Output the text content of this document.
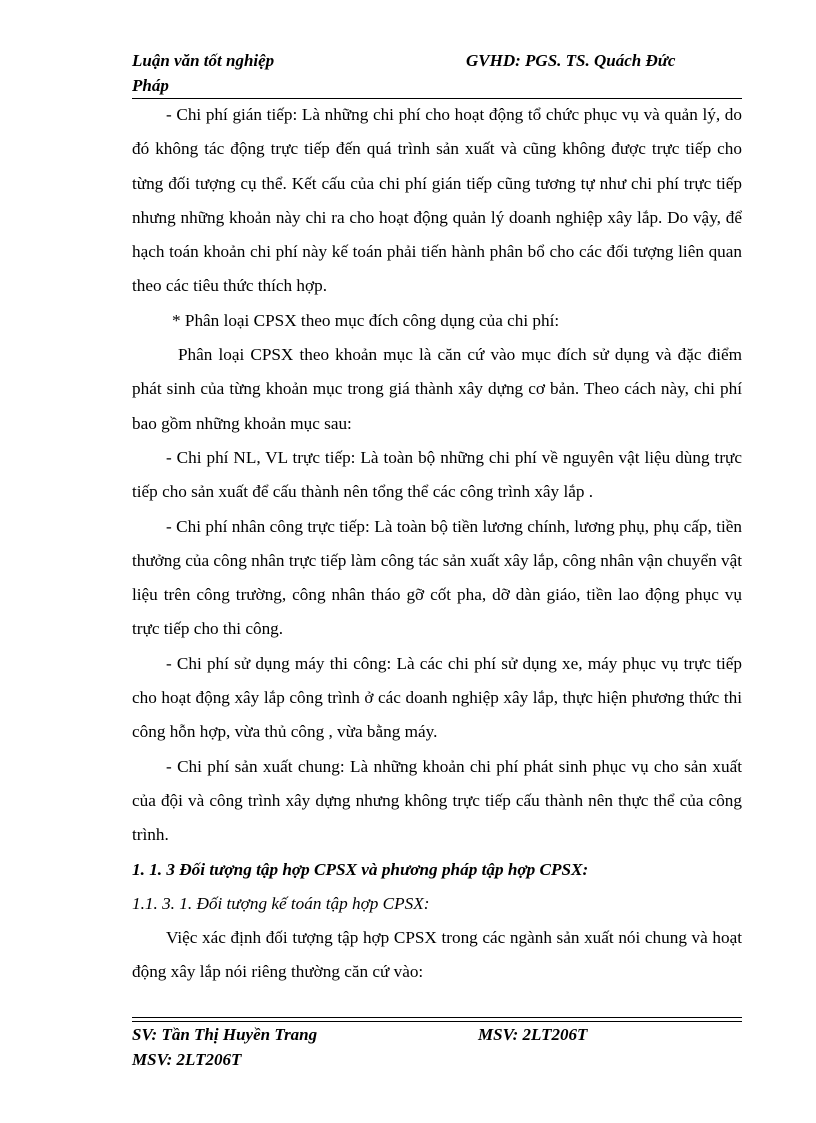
Luận văn tốt nghiệp	GVHD: PGS. TS. Quách Đức
Pháp

- Chi phí gián tiếp: Là những chi phí cho hoạt động tổ chức phục vụ và quản lý, do đó không tác động trực tiếp đến quá trình sản xuất và cũng không được trực tiếp cho từng đối tượng cụ thể. Kết cấu của chi phí gián tiếp cũng tương tự như chi phí trực tiếp nhưng những khoản này chi ra cho hoạt động quản lý doanh nghiệp xây lắp. Do vậy, để hạch toán khoản chi phí này kế toán phải tiến hành phân bổ cho các đối tượng liên quan theo các tiêu thức thích hợp.

* Phân loại CPSX theo mục đích công dụng của chi phí:

Phân loại CPSX theo khoản mục là căn cứ vào mục đích sử dụng và đặc điểm phát sinh của từng khoản mục trong giá thành xây dựng cơ bản. Theo cách này, chi phí bao gồm những khoản mục sau:

- Chi phí NL, VL trực tiếp: Là toàn bộ những chi phí về nguyên vật liệu dùng trực tiếp cho sản xuất để cấu thành nên tổng thể các công trình xây lắp .

- Chi phí nhân công trực tiếp: Là toàn bộ tiền lương chính, lương phụ, phụ cấp, tiền thưởng của công nhân trực tiếp làm công tác sản xuất xây lắp, công nhân vận chuyển vật liệu trên công trường, công nhân tháo gỡ cốt pha, dỡ dàn giáo, tiền lao động phục vụ trực tiếp cho thi công.

- Chi phí sử dụng máy thi công: Là các chi phí sử dụng xe, máy phục vụ trực tiếp cho hoạt động xây lắp công trình ở các doanh nghiệp xây lắp, thực hiện phương thức thi công hỗn hợp, vừa thủ công , vừa bằng máy.

- Chi phí sản xuất chung: Là những khoản chi phí phát sinh phục vụ cho sản xuất của đội và công trình xây dựng nhưng không trực tiếp cấu thành nên thực thể của công trình.

1. 1. 3 Đối tượng tập hợp CPSX và phương pháp tập hợp CPSX:

1.1. 3. 1. Đối tượng kế toán tập hợp CPSX:

Việc xác định đối tượng tập hợp CPSX trong các ngành sản xuất nói chung và hoạt động xây lắp nói riêng thường căn cứ vào:

SV: Tần Thị Huyền Trang	MSV: 2LT206T
MSV: 2LT206T
